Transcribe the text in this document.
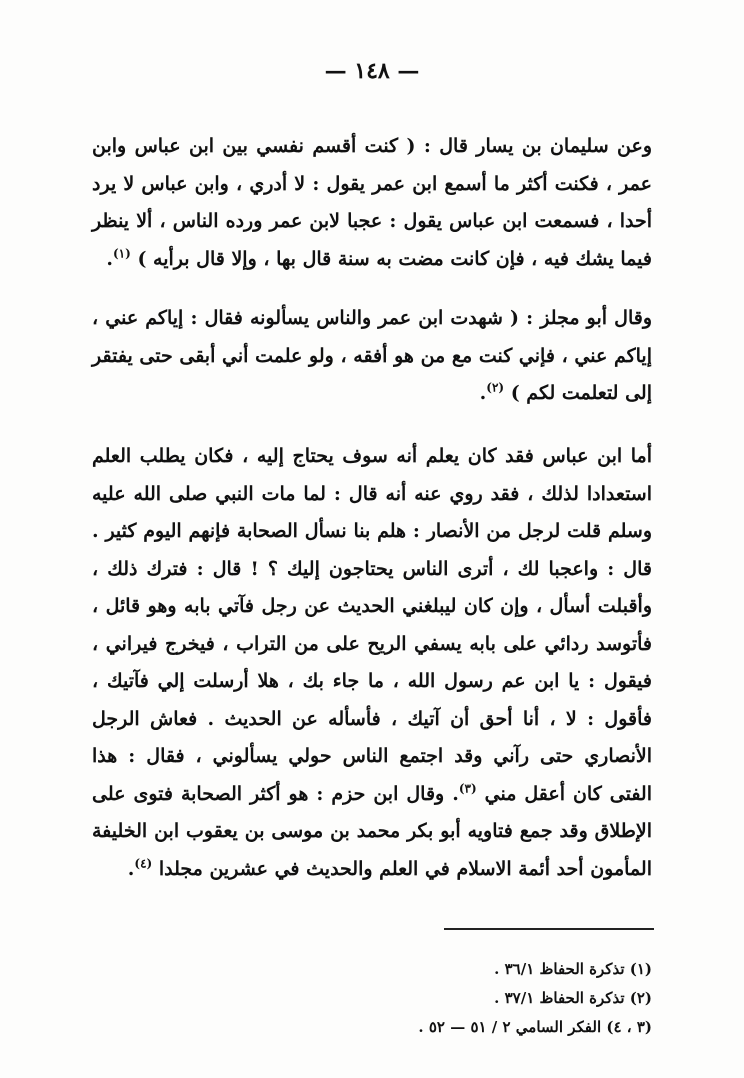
— ١٤٨ —

وعن سليمان بن يسار قال : ( كنت أقسم نفسي بين ابن عباس وابن عمر ، فكنت أكثر ما أسمع ابن عمر يقول : لا أدري ، وابن عباس لا يرد أحدا ، فسمعت ابن عباس يقول : عجبا لابن عمر ورده الناس ، ألا ينظر فيما يشك فيه ، فإن كانت مضت به سنة قال بها ، وإلا قال برأيه ) $^{(١)}$.

وقال أبو مجلز : ( شهدت ابن عمر والناس يسألونه فقال : إياكم عني ، إياكم عني ، فإني كنت مع من هو أفقه ، ولو علمت أني أبقى حتى يفتقر إلى لتعلمت لكم ) $^{(٢)}$.

أما ابن عباس فقد كان يعلم أنه سوف يحتاج إليه ، فكان يطلب العلم استعدادا لذلك ، فقد روي عنه أنه قال : لما مات النبي صلى الله عليه وسلم قلت لرجل من الأنصار : هلم بنا نسأل الصحابة فإنهم اليوم كثير . قال : واعجبا لك ، أترى الناس يحتاجون إليك ؟ ! قال : فترك ذلك ، وأقبلت أسأل ، وإن كان ليبلغني الحديث عن رجل فآتي بابه وهو قائل ، فأتوسد ردائي على بابه يسفي الريح على من التراب ، فيخرج فيراني ، فيقول : يا ابن عم رسول الله ، ما جاء بك ، هلا أرسلت إلي فآتيك ، فأقول : لا ، أنا أحق أن آتيك ، فأسأله عن الحديث . فعاش الرجل الأنصاري حتى رآني وقد اجتمع الناس حولي يسألوني ، فقال : هذا الفتى كان أعقل مني $^{(٣)}$. وقال ابن حزم : هو أكثر الصحابة فتوى على الإطلاق وقد جمع فتاويه أبو بكر محمد بن موسى بن يعقوب ابن الخليفة المأمون أحد أئمة الاسلام في العلم والحديث في عشرين مجلدا $^{(٤)}$.

(١) تذكرة الحفاظ ٣٦/١ .
(٢) تذكرة الحفاظ ٣٧/١ .
(٣ ، ٤) الفكر السامي ٢ / ٥١ — ٥٢ .
